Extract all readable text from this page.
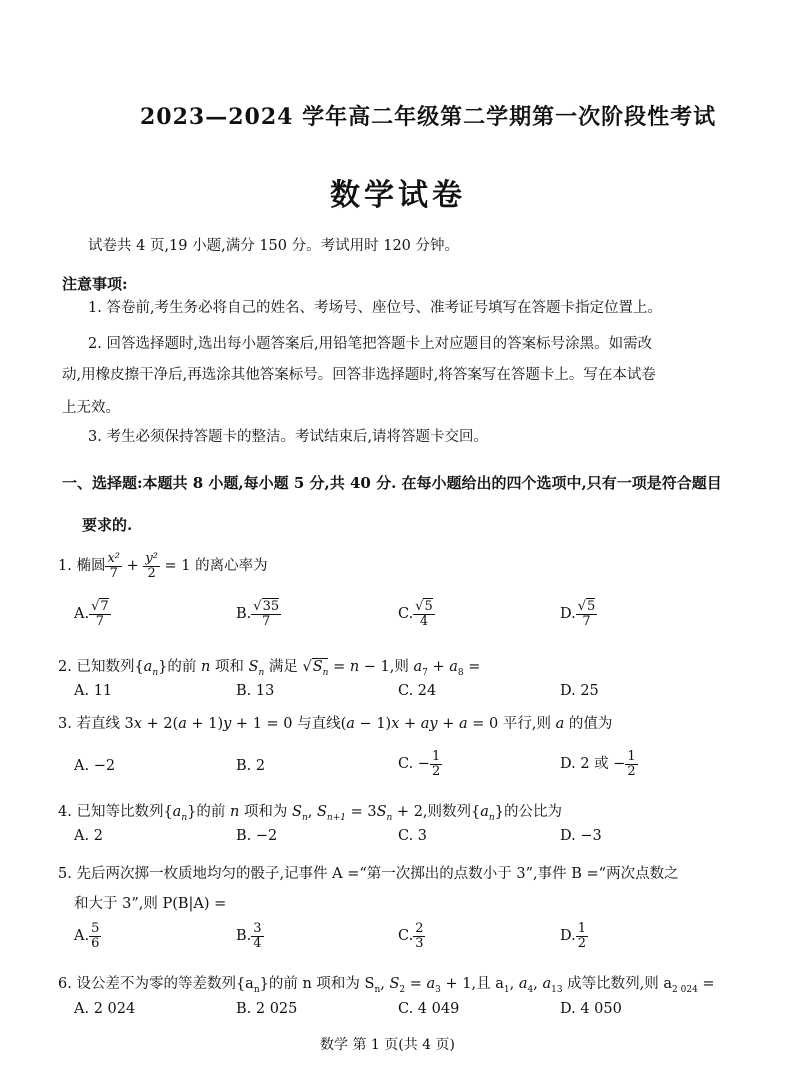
2023—2024 学年高二年级第二学期第一次阶段性考试
数学试卷
试卷共 4 页,19 小题,满分 150 分。考试用时 120 分钟。
注意事项:
1. 答卷前,考生务必将自己的姓名、考场号、座位号、准考证号填写在答题卡指定位置上。
2. 回答选择题时,选出每小题答案后,用铅笔把答题卡上对应题目的答案标号涂黑。如需改
动,用橡皮擦干净后,再选涂其他答案标号。回答非选择题时,将答案写在答题卡上。写在本试卷
上无效。
3. 考生必须保持答题卡的整洁。考试结束后,请将答题卡交回。
一、选择题:本题共 8 小题,每小题 5 分,共 40 分. 在每小题给出的四个选项中,只有一项是符合题目
要求的.
1. 椭圆 $\frac{\text{x²}}{7} + \frac{\text{y²}}{2} = 1$ 的离心率为
A. $\frac{√7}{7}$	B. $\frac{√35}{7}$	C. $\frac{√5}{4}$	D. $\frac{√5}{7}$
2. 已知数列$\{a_n\}$的前 n 项和 $S_n$ 满足 $√S_n = n - 1$,则 $a_7 + a_8$ =
A. 11	B. 13	C. 24	D. 25
3. 若直线 3x + 2(a + 1)y + 1 = 0 与直线(a − 1)x + ay + a = 0 平行,则 a 的值为
A. −2	B. 2	C. − $\frac{1}{2}$	D. 2 或 − $\frac{1}{2}$
4. 已知等比数列$\{a_n\}$的前 n 项和为 $S_n$, $S_{n+1} = 3S_n + 2$,则数列$\{a_n\}$的公比为
A. 2	B. −2	C. 3	D. −3
5. 先后两次掷一枚质地均匀的骰子,记事件 A =“第一次掷出的点数小于 3”,事件 B =“两次点数之
和大于 3”,则 P(B|A) =
A. $\frac{5}{6}$	B. $\frac{3}{4}$	C. $\frac{2}{3}$	D. $\frac{1}{2}$
6. 设公差不为零的等差数列$\{a_n\}$的前 n 项和为 $S_n$, $S_2 = a_3 + 1$,且 $a_1$, $a_4$, $a_{13}$ 成等比数列,则 $a_{2 024}$ =
A. 2 024	B. 2 025	C. 4 049	D. 4 050
数学 第 1 页(共 4 页)
